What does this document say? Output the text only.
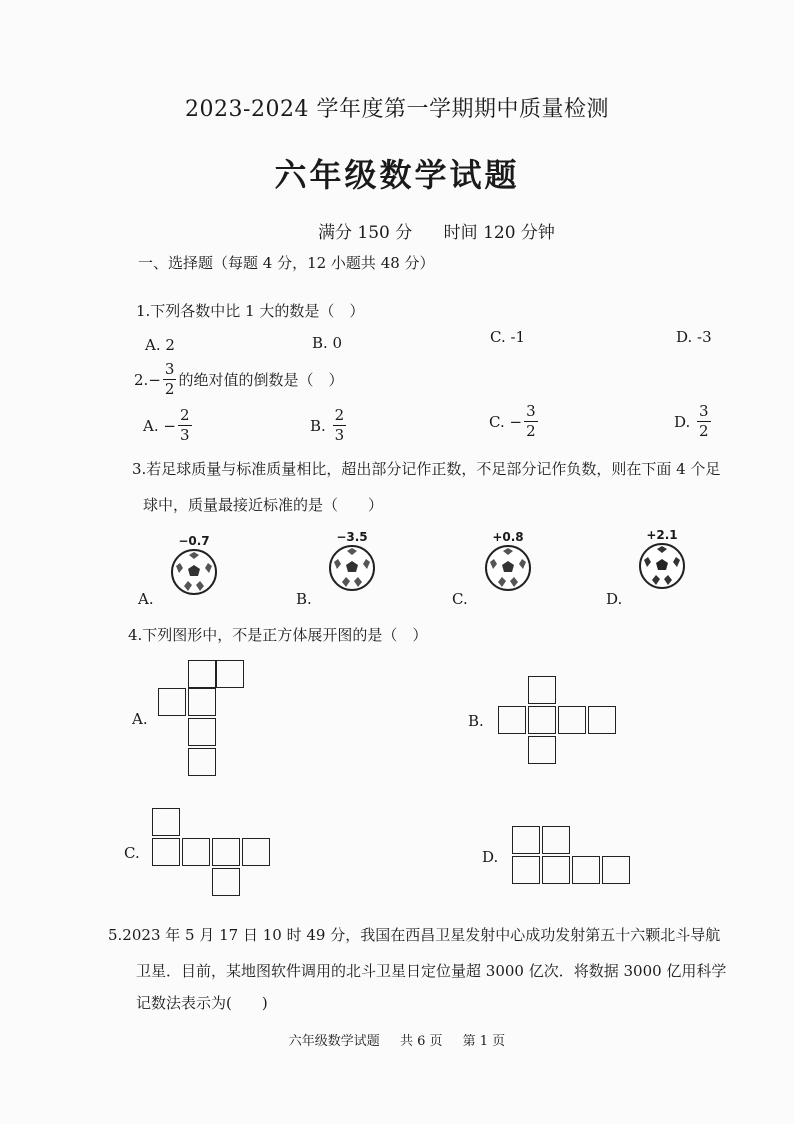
2023-2024 学年度第一学期期中质量检测
六年级数学试题
满分 150 分 时间 120 分钟
一、选择题（每题 4 分，12 小题共 48 分）
1.下列各数中比 1 大的数是（　）
A. 2	B. 0	C. -1	D. -3
2. − $\frac{3}{2}$ 的绝对值的倒数是（　）
A.
− $\frac{2}{3}$	B.
$\frac{2}{3}$	C.
− $\frac{3}{2}$	D.
$\frac{3}{2}$
3.若足球质量与标准质量相比，超出部分记作正数，不足部分记作负数，则在下面 4 个足
球中，质量最接近标准的是（　　）
A.
−0.7
B.
−3.5
C.
+0.8
D.
+2.1
4.下列图形中，不是正方体展开图的是（　）
A.	B.
C.	D.
5.2023 年 5 月 17 日 10 时 49 分，我国在西昌卫星发射中心成功发射第五十六颗北斗导航
卫星．目前，某地图软件调用的北斗卫星日定位量超 3000 亿次．将数据 3000 亿用科学
记数法表示为(　　)
六年级数学试题 共 6 页 第 1 页
